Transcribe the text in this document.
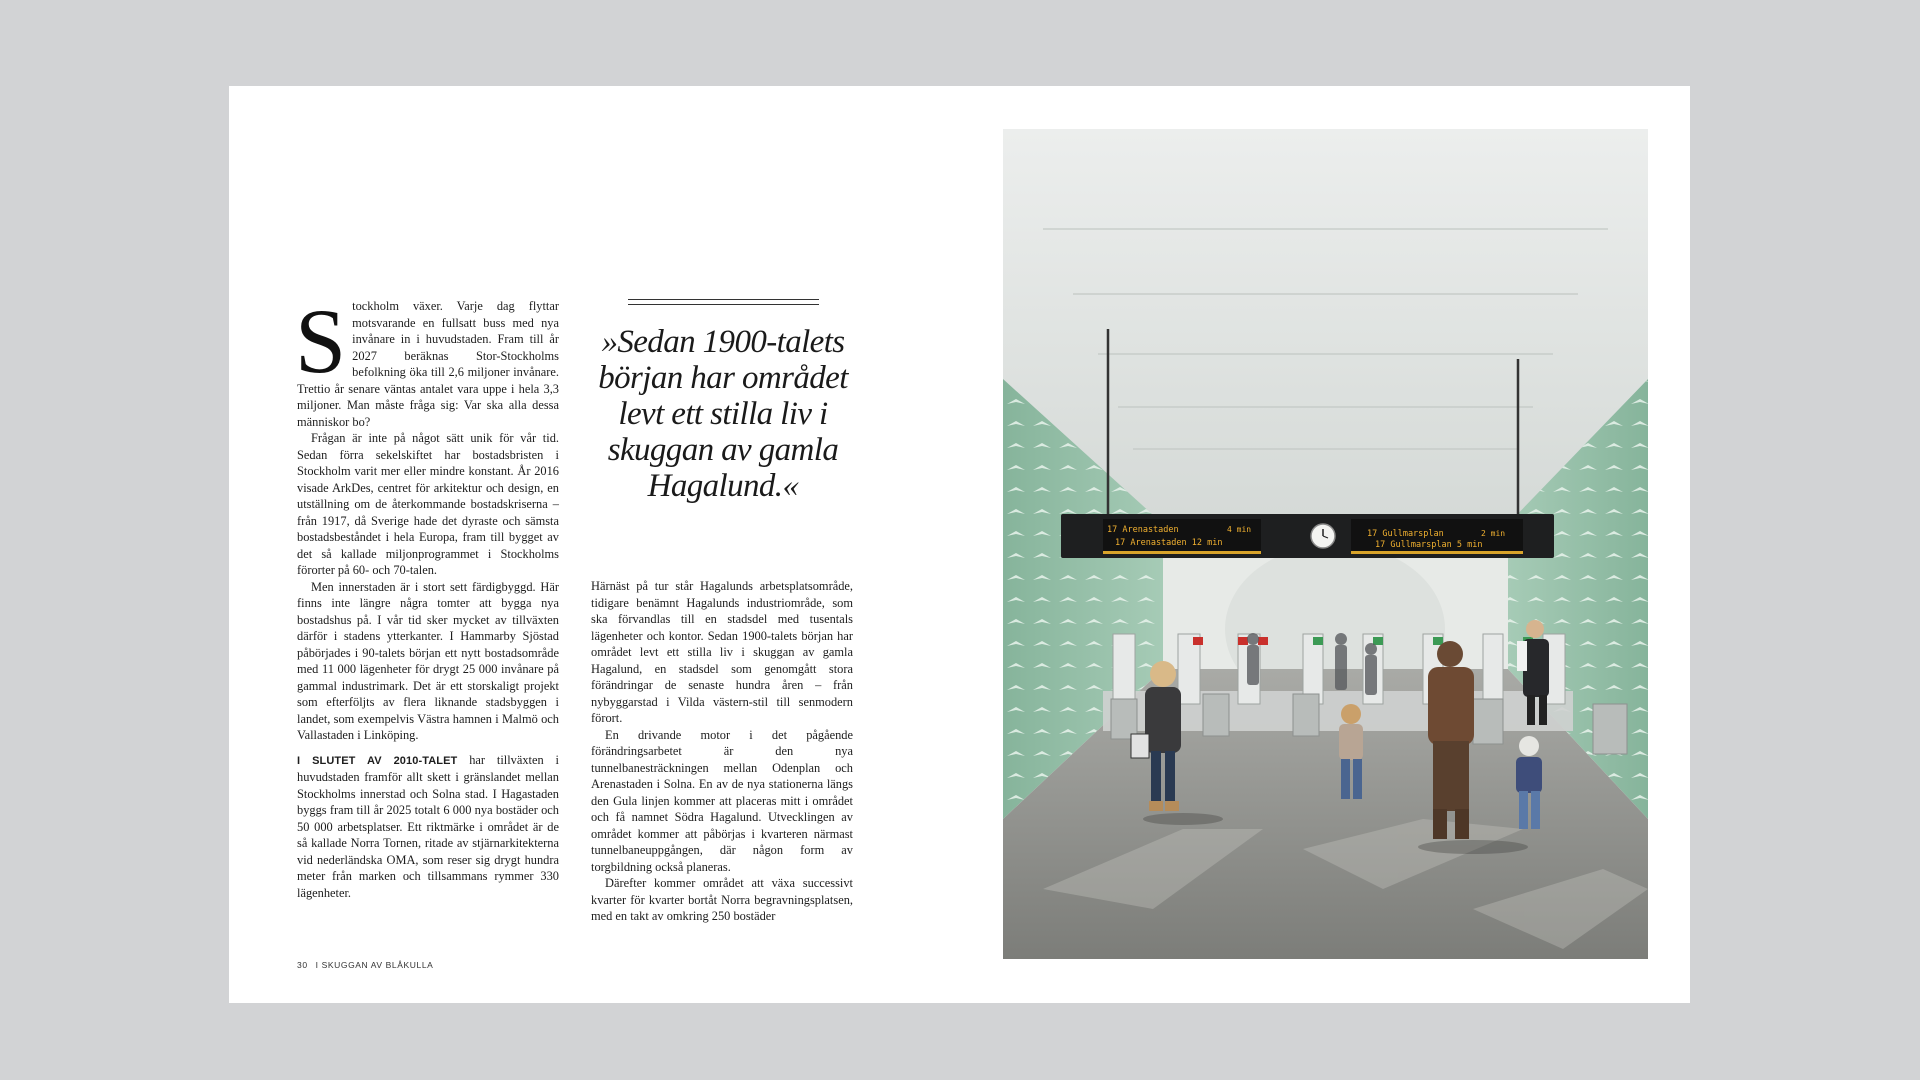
Stockholm växer. Varje dag flyttar motsvarande en fullsatt buss med nya invånare in i huvudstaden. Fram till år 2027 beräknas Stor-Stockholms befolkning öka till 2,6 miljoner invånare. Trettio år senare väntas antalet vara uppe i hela 3,3 miljoner. Man måste fråga sig: Var ska alla dessa människor bo?

Frågan är inte på något sätt unik för vår tid. Sedan förra sekelskiftet har bostadsbristen i Stockholm varit mer eller mindre konstant. År 2016 visade ArkDes, centret för arkitektur och design, en utställning om de återkommande bostadskriserna – från 1917, då Sverige hade det dyraste och sämsta bostadsbeståndet i hela Europa, fram till bygget av det så kallade miljonprogrammet i Stockholms förorter på 60- och 70-talen.

Men innerstaden är i stort sett färdigbyggd. Här finns inte längre några tomter att bygga nya bostadshus på. I vår tid sker mycket av tillväxten därför i stadens ytterkanter. I Hammarby Sjöstad påbörjades i 90-talets början ett nytt bostadsområde med 11 000 lägenheter för drygt 25 000 invånare på gammal industrimark. Det är ett storskaligt projekt som efterföljts av flera liknande stadsbyggen i landet, som exempelvis Västra hamnen i Malmö och Vallastaden i Linköping.

I SLUTET AV 2010-TALET har tillväxten i huvudstaden framför allt skett i gränslandet mellan Stockholms innerstad och Solna stad. I Hagastaden byggs fram till år 2025 totalt 6 000 nya bostäder och 50 000 arbetsplatser. Ett riktmärke i området är de så kallade Norra Tornen, ritade av stjärnarkitekterna vid nederländska OMA, som reser sig drygt hundra meter från marken och tillsammans rymmer 330 lägenheter.

»Sedan 1900-talets början har området levt ett stilla liv i skuggan av gamla Hagalund.«

Härnäst på tur står Hagalunds arbetsplatsområde, tidigare benämnt Hagalunds industriområde, som ska förvandlas till en stadsdel med tusentals lägenheter och kontor. Sedan 1900-talets början har området levt ett stilla liv i skuggan av gamla Hagalund, en stadsdel som genomgått stora förändringar de senaste hundra åren – från nybyggarstad i Vilda västern-stil till senmodern förort.

En drivande motor i det pågående förändringsarbetet är den nya tunnelbanesträckningen mellan Odenplan och Arenastaden i Solna. En av de nya stationerna längs den Gula linjen kommer att placeras mitt i området och få namnet Södra Hagalund. Utvecklingen av området kommer att påbörjas i kvarteren närmast tunnelbaneuppgången, där någon form av torgbildning också planeras.

Därefter kommer området att växa successivt kvarter för kvarter bortåt Norra begravningsplatsen, med en takt av omkring 250 bostäder

30 I SKUGGAN AV BLÅKULLA
17 Arenastaden	4 min
17 Arenastaden 12 min
17 Gullmarsplan	2 min
17 Gullmarsplan 5 min
